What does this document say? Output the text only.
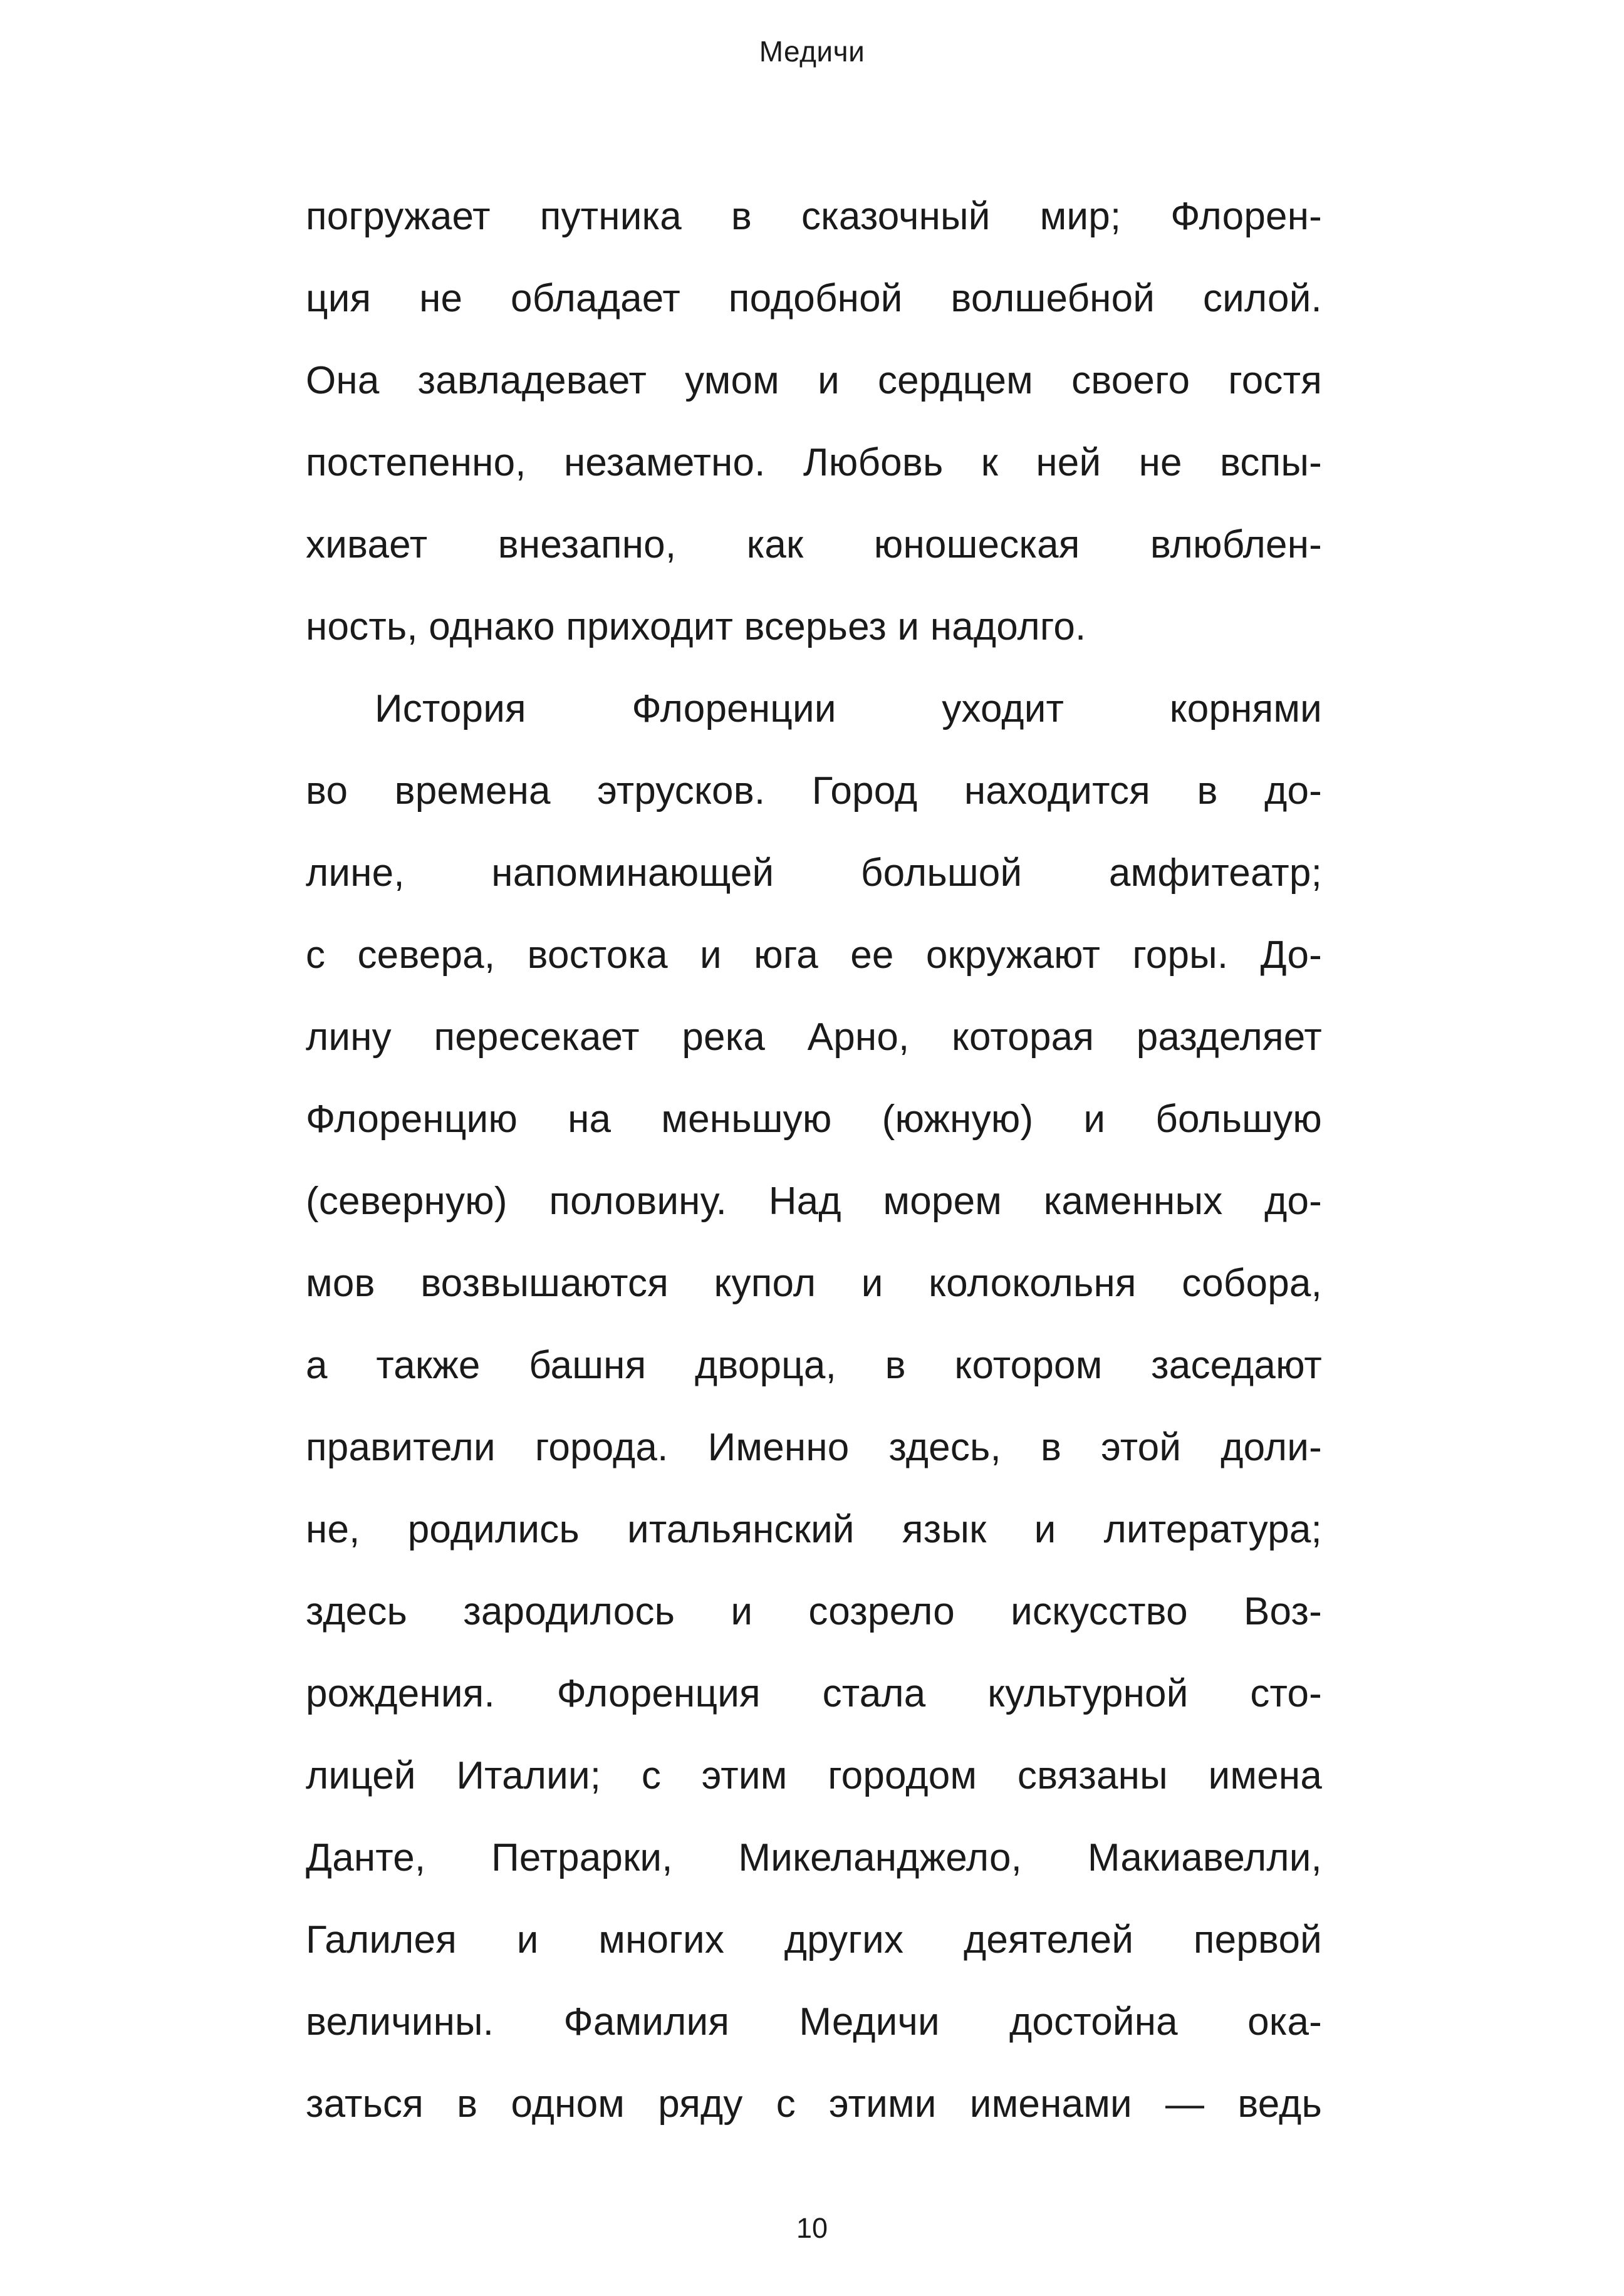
Медичи
погружает путника в сказочный мир; Флорен-
ция не обладает подобной волшебной силой.
Она завладевает умом и сердцем своего гостя
постепенно, незаметно. Любовь к ней не вспы-
хивает внезапно, как юношеская влюблен-
ность, однако приходит всерьез и надолго.
История Флоренции уходит корнями
во времена этрусков. Город находится в до-
лине, напоминающей большой амфитеатр;
с севера, востока и юга ее окружают горы. До-
лину пересекает река Арно, которая разделяет
Флоренцию на меньшую (южную) и большую
(северную) половину. Над морем каменных до-
мов возвышаются купол и колокольня собора,
а также башня дворца, в котором заседают
правители города. Именно здесь, в этой доли-
не, родились итальянский язык и литература;
здесь зародилось и созрело искусство Воз-
рождения. Флоренция стала культурной сто-
лицей Италии; с этим городом связаны имена
Данте, Петрарки, Микеланджело, Макиавелли,
Галилея и многих других деятелей первой
величины. Фамилия Медичи достойна ока-
заться в одном ряду с этими именами — ведь
10
